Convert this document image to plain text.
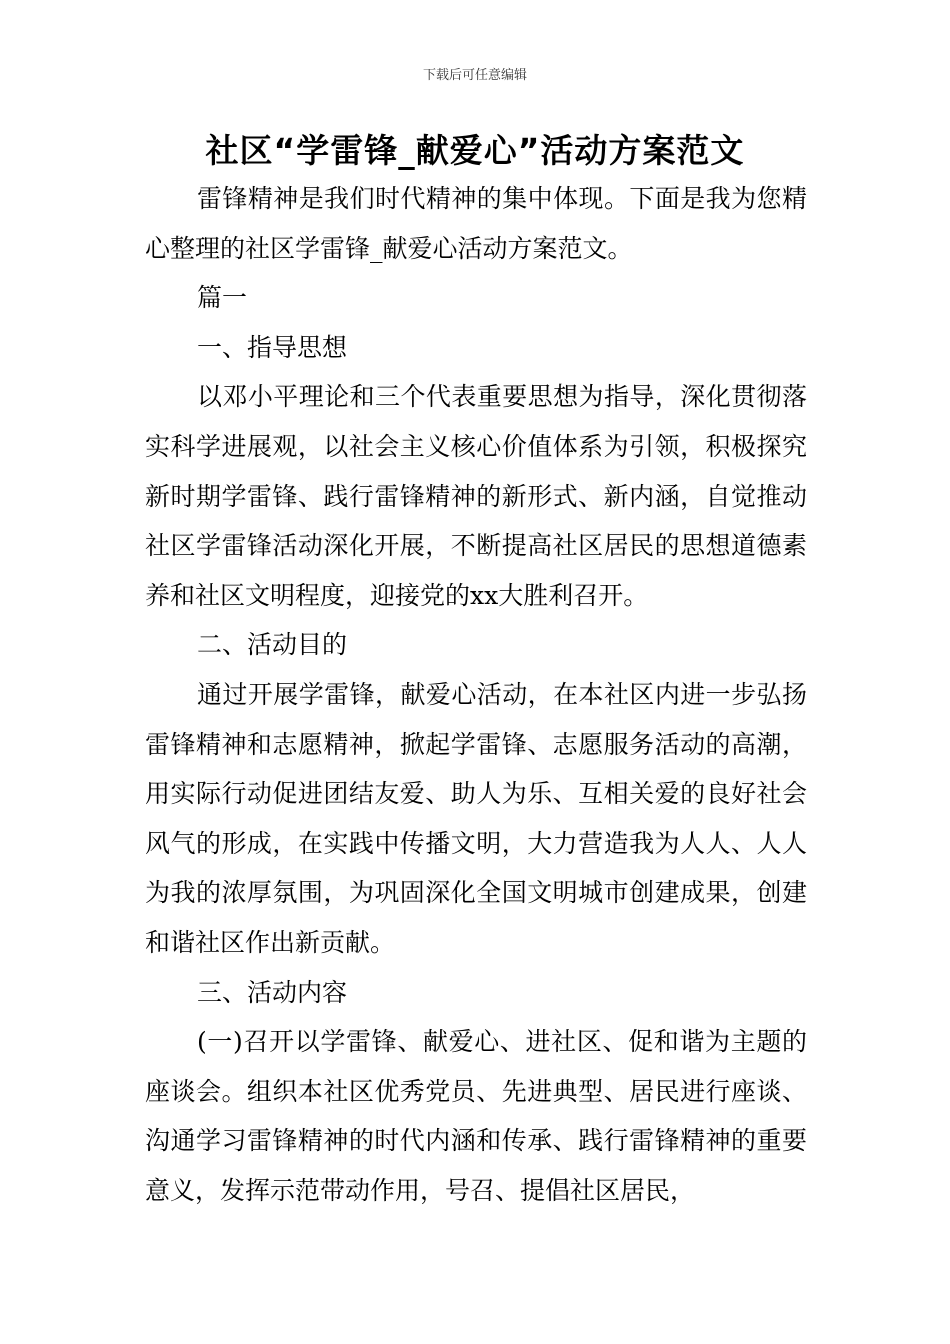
下载后可任意编辑
社区“学雷锋_献爱心”活动方案范文

雷锋精神是我们时代精神的集中体现。下面是我为您精心整理的社区学雷锋_献爱心活动方案范文。

篇一

一、指导思想

以邓小平理论和三个代表重要思想为指导，深化贯彻落实科学进展观，以社会主义核心价值体系为引领，积极探究新时期学雷锋、践行雷锋精神的新形式、新内涵，自觉推动社区学雷锋活动深化开展，不断提高社区居民的思想道德素养和社区文明程度，迎接党的xx大胜利召开。

二、活动目的

通过开展学雷锋，献爱心活动，在本社区内进一步弘扬雷锋精神和志愿精神，掀起学雷锋、志愿服务活动的高潮，用实际行动促进团结友爱、助人为乐、互相关爱的良好社会风气的形成，在实践中传播文明，大力营造我为人人、人人为我的浓厚氛围，为巩固深化全国文明城市创建成果，创建和谐社区作出新贡献。

三、活动内容

(一)召开以学雷锋、献爱心、进社区、促和谐为主题的座谈会。组织本社区优秀党员、先进典型、居民进行座谈、沟通学习雷锋精神的时代内涵和传承、践行雷锋精神的重要意义，发挥示范带动作用，号召、提倡社区居民，
